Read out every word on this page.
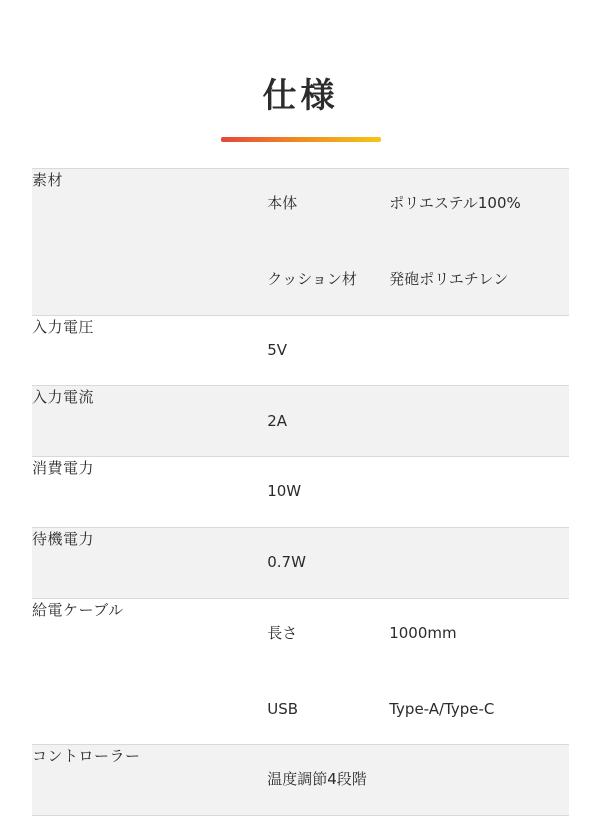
仕様
素材	本体 ポリエステル100%

クッション材 発砲ポリエチレン

入力電圧	5V

入力電流	2A

消費電力	10W

待機電力	0.7W

給電ケーブル	長さ 1000mm

USB Type-A/Type-C

コントローラー	温度調節4段階
